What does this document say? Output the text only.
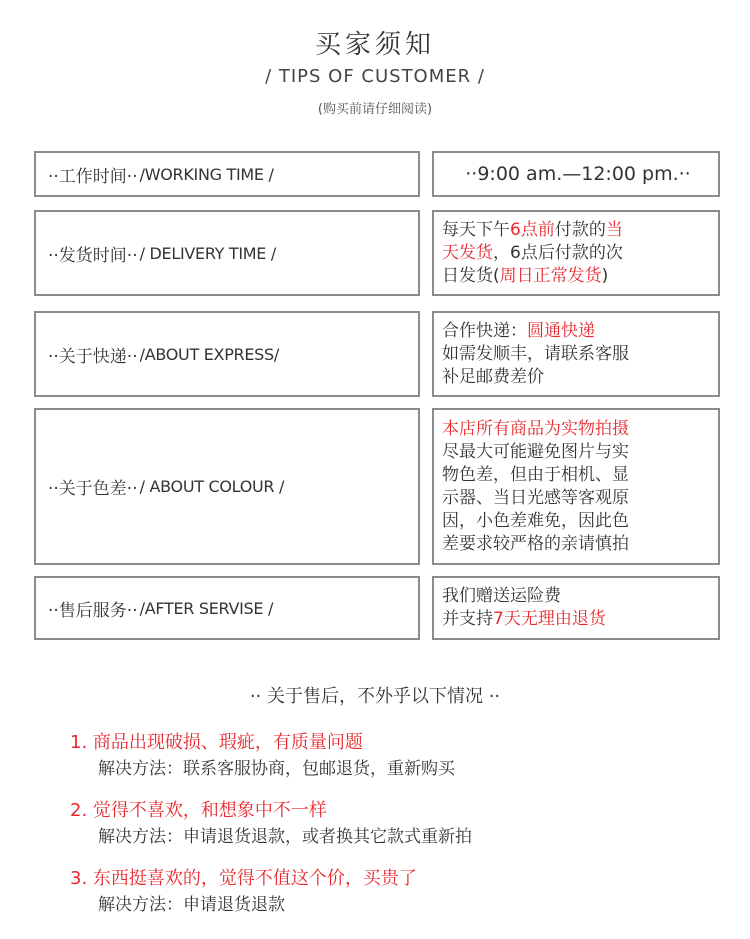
买家须知
/ TIPS OF CUSTOMER /
(购买前请仔细阅读)
··工作时间·· /WORKING TIME /	··9:00 am.—12:00 pm.··
··发货时间·· / DELIVERY TIME /
每天下午6点前付款的当
天发货，6点后付款的次
日发货(周日正常发货)
··关于快递·· /ABOUT EXPRESS/
合作快递：圆通快递
如需发顺丰，请联系客服
补足邮费差价
··关于色差·· / ABOUT COLOUR /
本店所有商品为实物拍摄
尽最大可能避免图片与实
物色差，但由于相机、显
示器、当日光感等客观原
因，小色差难免，因此色
差要求较严格的亲请慎拍
··售后服务·· /AFTER SERVISE /
我们赠送运险费
并支持7天无理由退货
·· 关于售后，不外乎以下情况 ··
1. 商品出现破损、瑕疵，有质量问题
解决方法：联系客服协商，包邮退货，重新购买
2. 觉得不喜欢，和想象中不一样
解决方法：申请退货退款，或者换其它款式重新拍
3. 东西挺喜欢的，觉得不值这个价，买贵了
解决方法：申请退货退款
